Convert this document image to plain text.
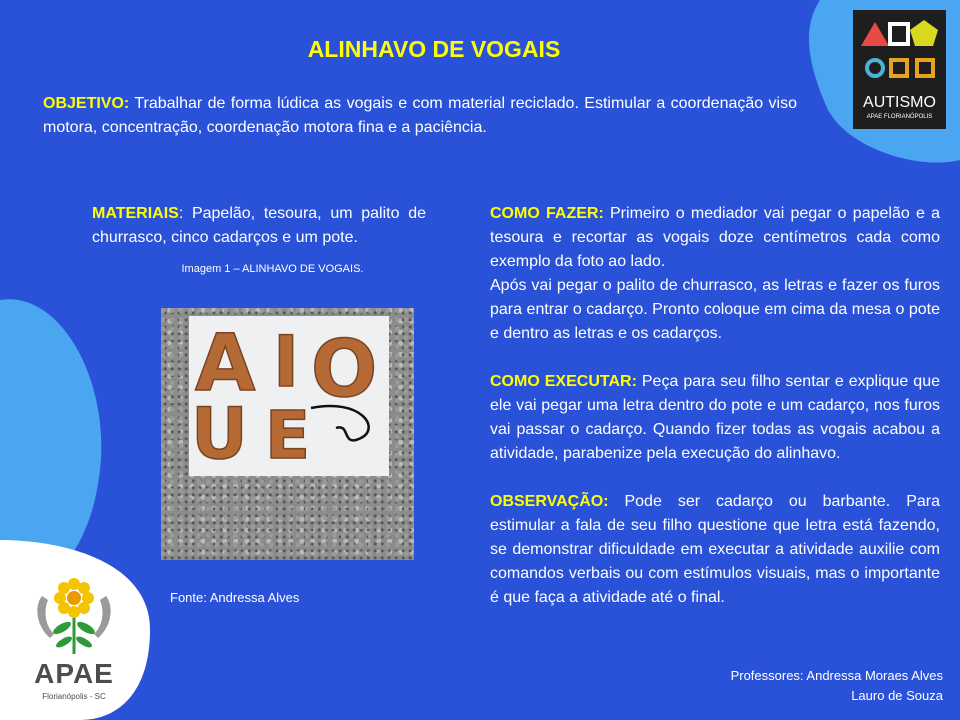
ALINHAVO DE VOGAIS
OBJETIVO: Trabalhar de forma lúdica as vogais e com material reciclado. Estimular a coordenação viso motora, concentração, coordenação motora fina e a paciência.
MATERIAIS: Papelão, tesoura, um palito de churrasco, cinco cadarços e um pote.
Imagem 1 – ALINHAVO DE VOGAIS.
A I O
U E
Fonte: Andressa Alves

COMO FAZER: Primeiro o mediador vai pegar o papelão e a tesoura e recortar as vogais doze centímetros cada como exemplo da foto ao lado.

Após vai pegar o palito de churrasco, as letras e fazer os furos para entrar o cadarço. Pronto coloque em cima da mesa o pote e dentro as letras e os cadarços.

COMO EXECUTAR: Peça para seu filho sentar e explique que ele vai pegar uma letra dentro do pote e um cadarço, nos furos vai passar o cadarço. Quando fizer todas as vogais acabou a atividade, parabenize pela execução do alinhavo.

OBSERVAÇÃO: Pode ser cadarço ou barbante. Para estimular a fala de seu filho questione que letra está fazendo, se demonstrar dificuldade em executar a atividade auxilie com comandos verbais ou com estímulos visuais, mas o importante é que faça a atividade até o final.

Professores: Andressa Moraes Alves
Lauro de Souza
AUTISMO
APAE FLORIANÓPOLIS
APAE
Florianópolis - SC
